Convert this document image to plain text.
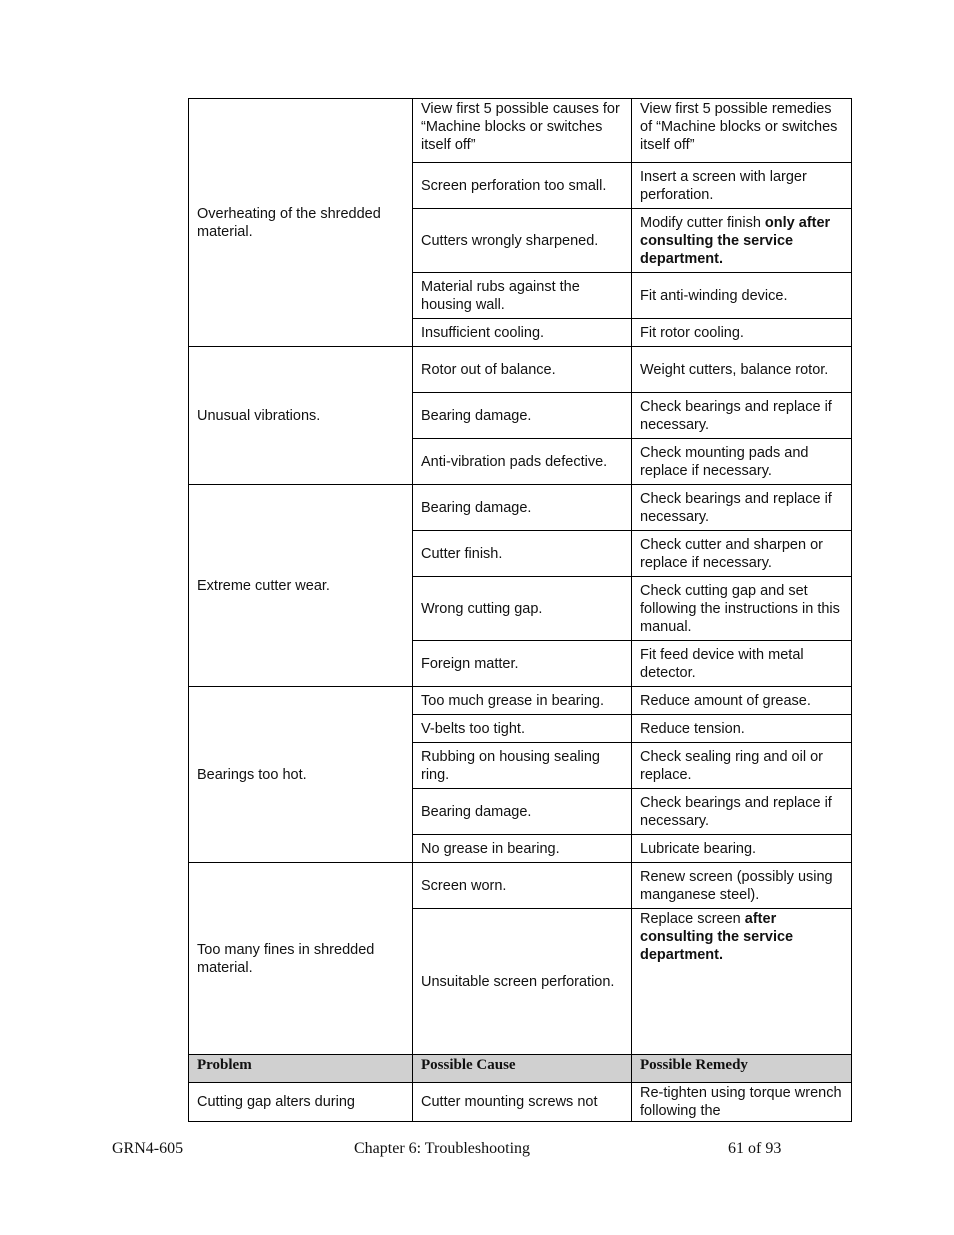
Overheating of the shredded material.	View first 5 possible causes for “Machine blocks or switches itself off”	View first 5 possible remedies of “Machine blocks or switches itself off”
	Screen perforation too small.	Insert a screen with larger perforation.
	Cutters wrongly sharpened.	Modify cutter finish only after consulting the service department.
	Material rubs against the housing wall.	Fit anti-winding device.
	Insufficient cooling.	Fit rotor cooling.
Unusual vibrations.	Rotor out of balance.	Weight cutters, balance rotor.
	Bearing damage.	Check bearings and replace if necessary.
	Anti-vibration pads defective.	Check mounting pads and replace if necessary.
Extreme cutter wear.	Bearing damage.	Check bearings and replace if necessary.
	Cutter finish.	Check cutter and sharpen or replace if necessary.
	Wrong cutting gap.	Check cutting gap and set following the instructions in this manual.
	Foreign matter.	Fit feed device with metal detector.
Bearings too hot.	Too much grease in bearing.	Reduce amount of grease.
	V-belts too tight.	Reduce tension.
	Rubbing on housing sealing ring.	Check sealing ring and oil or replace.
	Bearing damage.	Check bearings and replace if necessary.
	No grease in bearing.	Lubricate bearing.
Too many fines in shredded material.	Screen worn.	Renew screen (possibly using manganese steel).
	Unsuitable screen perforation.	Replace screen after consulting the service department.
Problem	Possible Cause	Possible Remedy
Cutting gap alters during	Cutter mounting screws not	Re-tighten using torque wrench following the
GRN4-605	Chapter 6: Troubleshooting	61 of 93
